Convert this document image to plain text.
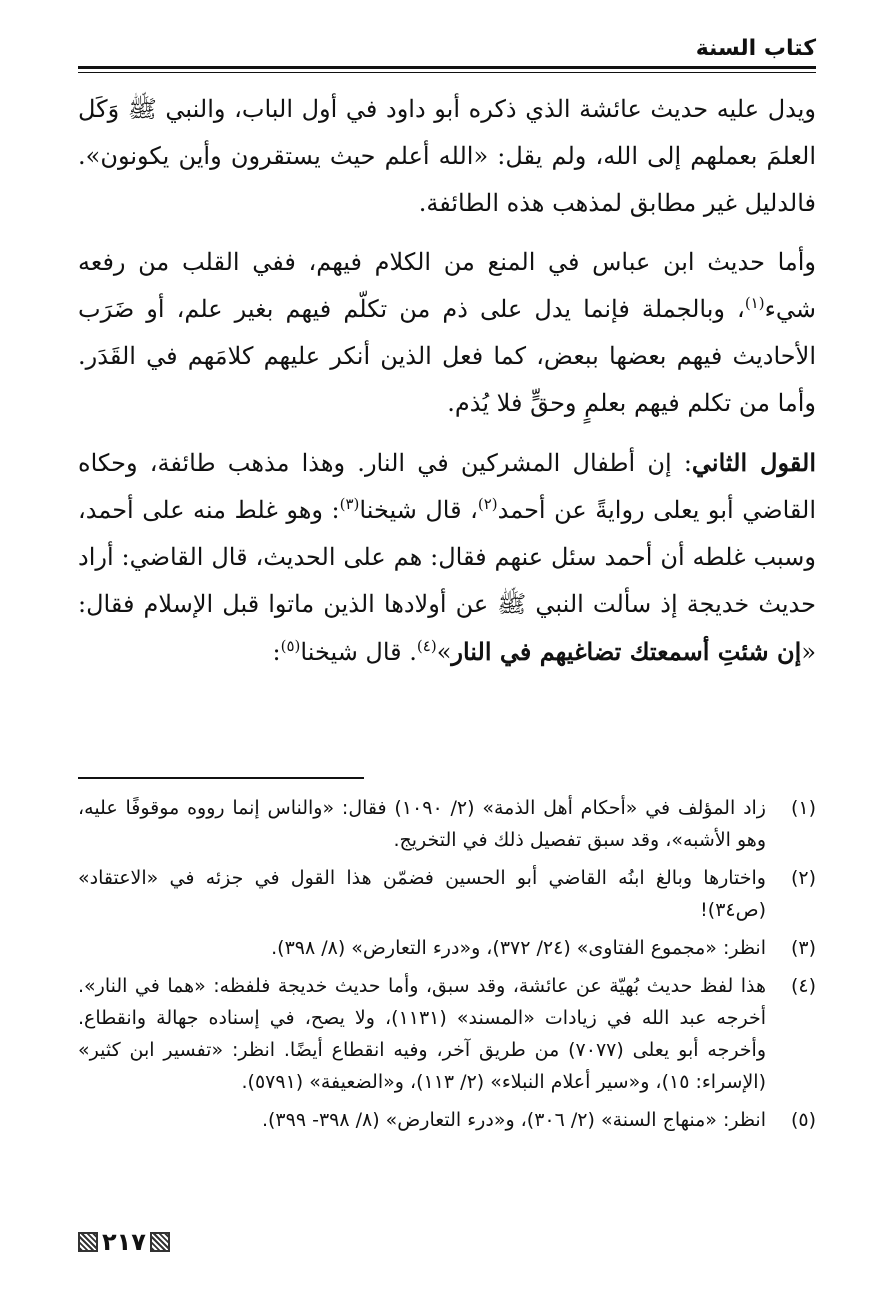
كتاب السنة

ويدل عليه حديث عائشة الذي ذكره أبو داود في أول الباب، والنبي ﷺ وَكَل العلمَ بعملهم إلى الله، ولم يقل: «الله أعلم حيث يستقرون وأين يكونون». فالدليل غير مطابق لمذهب هذه الطائفة.

وأما حديث ابن عباس في المنع من الكلام فيهم، ففي القلب من رفعه شيء$^{(١)}$، وبالجملة فإنما يدل على ذم من تكلّم فيهم بغير علم، أو ضَرَب الأحاديث فيهم بعضها ببعض، كما فعل الذين أنكر عليهم كلامَهم في القَدَر. وأما من تكلم فيهم بعلمٍ وحقٍّ فلا يُذم.

القول الثاني: إن أطفال المشركين في النار. وهذا مذهب طائفة، وحكاه القاضي أبو يعلى روايةً عن أحمد$^{(٢)}$، قال شيخنا$^{(٣)}$: وهو غلط منه على أحمد، وسبب غلطه أن أحمد سئل عنهم فقال: هم على الحديث، قال القاضي: أراد حديث خديجة إذ سألت النبي ﷺ عن أولادها الذين ماتوا قبل الإسلام فقال: «إن شئتِ أسمعتك تضاغيهم في النار»$^{(٤)}$. قال شيخنا$^{(٥)}$:

(١)
زاد المؤلف في «أحكام أهل الذمة» (٢/ ١٠٩٠) فقال: «والناس إنما رووه موقوفًا عليه، وهو الأشبه»، وقد سبق تفصيل ذلك في التخريج.
(٢)
واختارها وبالغ ابنُه القاضي أبو الحسين فضمّن هذا القول في جزئه في «الاعتقاد» (ص٣٤)!
(٣)
انظر: «مجموع الفتاوى» (٢٤/ ٣٧٢)، و«درء التعارض» (٨/ ٣٩٨).
(٤)
هذا لفظ حديث بُهيّة عن عائشة، وقد سبق، وأما حديث خديجة فلفظه: «هما في النار». أخرجه عبد الله في زيادات «المسند» (١١٣١)، ولا يصح، في إسناده جهالة وانقطاع. وأخرجه أبو يعلى (٧٠٧٧) من طريق آخر، وفيه انقطاع أيضًا. انظر: «تفسير ابن كثير» (الإسراء: ١٥)، و«سير أعلام النبلاء» (٢/ ١١٣)، و«الضعيفة» (٥٧٩١).
(٥)
انظر: «منهاج السنة» (٢/ ٣٠٦)، و«درء التعارض» (٨/ ٣٩٨- ٣٩٩).
٢١٧
